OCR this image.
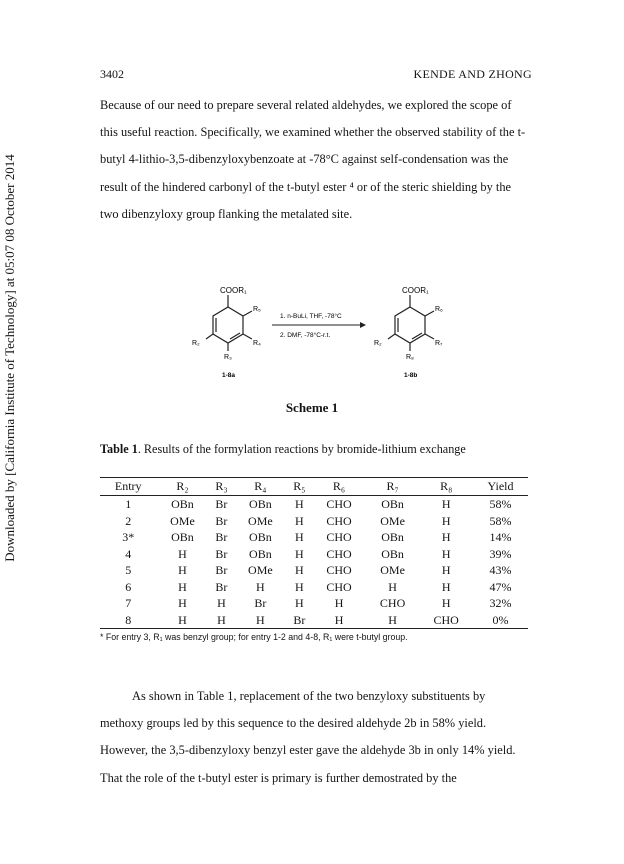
3402	KENDE AND ZHONG
Downloaded by [California Institute of Technology] at 05:07 08 October 2014
Because of our need to prepare several related aldehydes, we explored the scope of this useful reaction. Specifically, we examined whether the observed stability of the t-butyl 4-lithio-3,5-dibenzyloxybenzoate at -78°C against self-condensation was the result of the hindered carbonyl of the t-butyl ester ⁴ or of the steric shielding by the two dibenzyloxy group flanking the metalated site.
COOR₁
R₅
R₄
R₂
R₃
1-8a
1. n-BuLi, THF, -78°C
2. DMF, -78°C-r.t.
COOR₁
R₆
R₇
R₂
R₈
1-8b
Scheme 1
Table 1. Results of the formylation reactions by bromide-lithium exchange
Entry	R₂	R₃	R₄	R₅	R₆	R₇	R₈	Yield
1	OBn	Br	OBn	H	CHO	OBn	H	58%
2	OMe	Br	OMe	H	CHO	OMe	H	58%
3*	OBn	Br	OBn	H	CHO	OBn	H	14%
4	H	Br	OBn	H	CHO	OBn	H	39%
5	H	Br	OMe	H	CHO	OMe	H	43%
6	H	Br	H	H	CHO	H	H	47%
7	H	H	Br	H	H	CHO	H	32%
8	H	H	H	Br	H	H	CHO	0%
* For entry 3, R₁ was benzyl group; for entry 1-2 and 4-8, R₁ were t-butyl group.
As shown in Table 1, replacement of the two benzyloxy substituents by methoxy groups led by this sequence to the desired aldehyde 2b in 58% yield. However, the 3,5-dibenzyloxy benzyl ester gave the aldehyde 3b in only 14% yield. That the role of the t-butyl ester is primary is further demostrated by the
